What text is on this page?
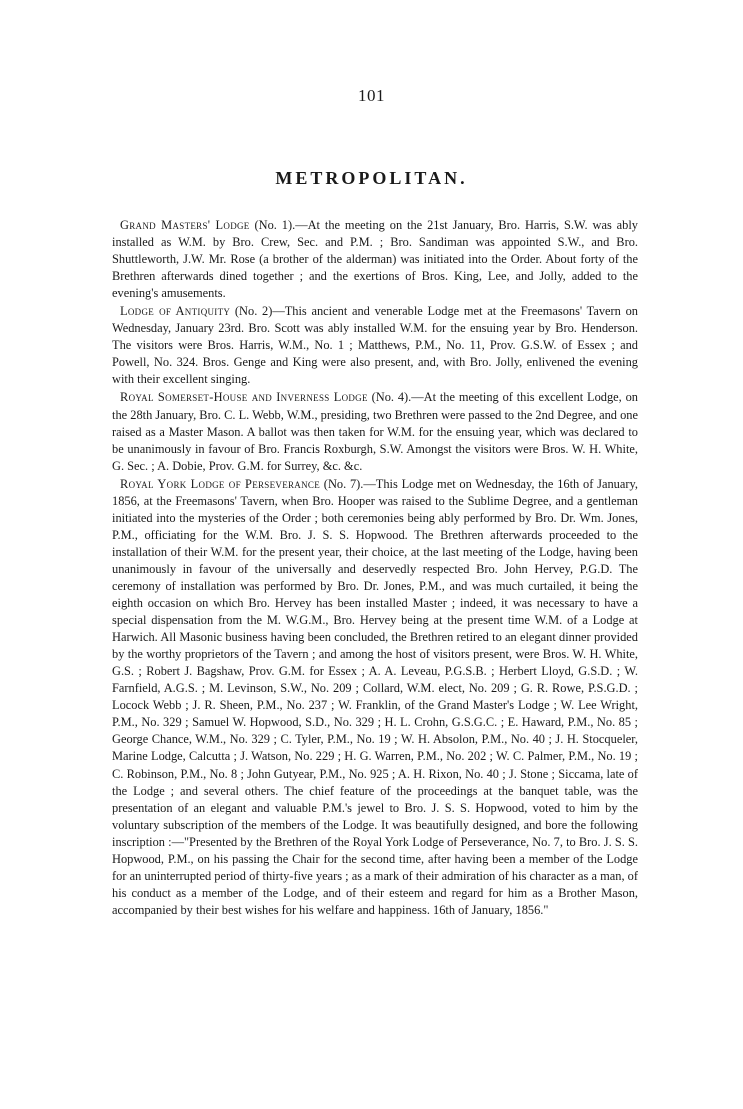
101
METROPOLITAN.

Grand Masters' Lodge (No. 1).—At the meeting on the 21st January, Bro. Harris, S.W. was ably installed as W.M. by Bro. Crew, Sec. and P.M. ; Bro. Sandiman was appointed S.W., and Bro. Shuttleworth, J.W. Mr. Rose (a brother of the alderman) was initiated into the Order. About forty of the Brethren afterwards dined together ; and the exertions of Bros. King, Lee, and Jolly, added to the evening's amusements.

Lodge of Antiquity (No. 2)—This ancient and venerable Lodge met at the Freemasons' Tavern on Wednesday, January 23rd. Bro. Scott was ably installed W.M. for the ensuing year by Bro. Henderson. The visitors were Bros. Harris, W.M., No. 1 ; Matthews, P.M., No. 11, Prov. G.S.W. of Essex ; and Powell, No. 324. Bros. Genge and King were also present, and, with Bro. Jolly, enlivened the evening with their excellent singing.

Royal Somerset-House and Inverness Lodge (No. 4).—At the meeting of this excellent Lodge, on the 28th January, Bro. C. L. Webb, W.M., presiding, two Brethren were passed to the 2nd Degree, and one raised as a Master Mason. A ballot was then taken for W.M. for the ensuing year, which was declared to be unanimously in favour of Bro. Francis Roxburgh, S.W. Amongst the visitors were Bros. W. H. White, G. Sec. ; A. Dobie, Prov. G.M. for Surrey, &c. &c.

Royal York Lodge of Perseverance (No. 7).—This Lodge met on Wednesday, the 16th of January, 1856, at the Freemasons' Tavern, when Bro. Hooper was raised to the Sublime Degree, and a gentleman initiated into the mysteries of the Order ; both ceremonies being ably performed by Bro. Dr. Wm. Jones, P.M., officiating for the W.M. Bro. J. S. S. Hopwood. The Brethren afterwards proceeded to the installation of their W.M. for the present year, their choice, at the last meeting of the Lodge, having been unanimously in favour of the universally and deservedly respected Bro. John Hervey, P.G.D. The ceremony of installation was performed by Bro. Dr. Jones, P.M., and was much curtailed, it being the eighth occasion on which Bro. Hervey has been installed Master ; indeed, it was necessary to have a special dispensation from the M. W.G.M., Bro. Hervey being at the present time W.M. of a Lodge at Harwich. All Masonic business having been concluded, the Brethren retired to an elegant dinner provided by the worthy proprietors of the Tavern ; and among the host of visitors present, were Bros. W. H. White, G.S. ; Robert J. Bagshaw, Prov. G.M. for Essex ; A. A. Leveau, P.G.S.B. ; Herbert Lloyd, G.S.D. ; W. Farnfield, A.G.S. ; M. Levinson, S.W., No. 209 ; Collard, W.M. elect, No. 209 ; G. R. Rowe, P.S.G.D. ; Locock Webb ; J. R. Sheen, P.M., No. 237 ; W. Franklin, of the Grand Master's Lodge ; W. Lee Wright, P.M., No. 329 ; Samuel W. Hopwood, S.D., No. 329 ; H. L. Crohn, G.S.G.C. ; E. Haward, P.M., No. 85 ; George Chance, W.M., No. 329 ; C. Tyler, P.M., No. 19 ; W. H. Absolon, P.M., No. 40 ; J. H. Stocqueler, Marine Lodge, Calcutta ; J. Watson, No. 229 ; H. G. Warren, P.M., No. 202 ; W. C. Palmer, P.M., No. 19 ; C. Robinson, P.M., No. 8 ; John Gutyear, P.M., No. 925 ; A. H. Rixon, No. 40 ; J. Stone ; Siccama, late of the Lodge ; and several others. The chief feature of the proceedings at the banquet table, was the presentation of an elegant and valuable P.M.'s jewel to Bro. J. S. S. Hopwood, voted to him by the voluntary subscription of the members of the Lodge. It was beautifully designed, and bore the following inscription :—"Presented by the Brethren of the Royal York Lodge of Perseverance, No. 7, to Bro. J. S. S. Hopwood, P.M., on his passing the Chair for the second time, after having been a member of the Lodge for an uninterrupted period of thirty-five years ; as a mark of their admiration of his character as a man, of his conduct as a member of the Lodge, and of their esteem and regard for him as a Brother Mason, accompanied by their best wishes for his welfare and happiness. 16th of January, 1856."
